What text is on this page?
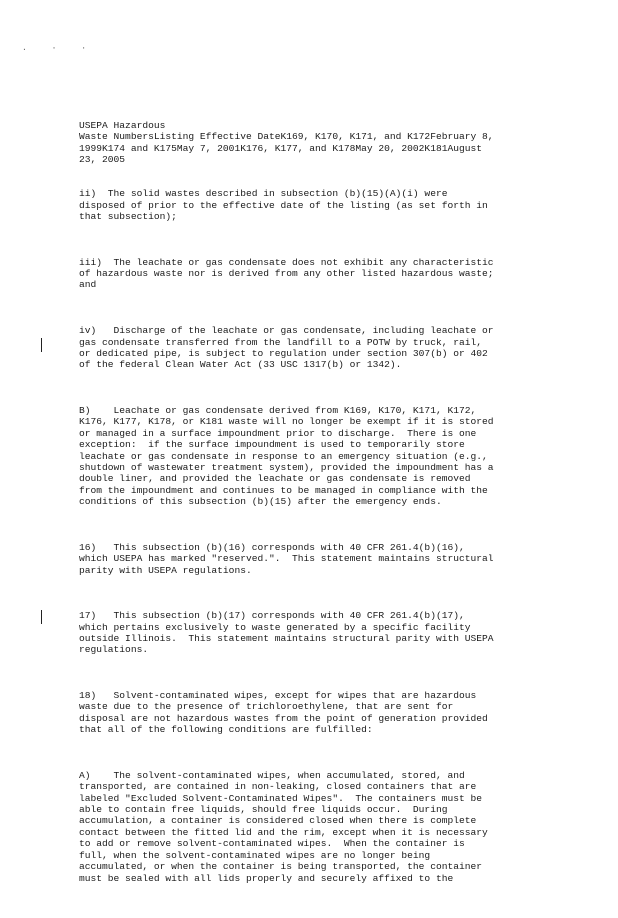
. · ·

USEPA Hazardous
Waste NumbersListing Effective DateK169, K170, K171, and K172February 8,
1999K174 and K175May 7, 2001K176, K177, and K178May 20, 2002K181August
23, 2005

ii)  The solid wastes described in subsection (b)(15)(A)(i) were
disposed of prior to the effective date of the listing (as set forth in
that subsection);

iii)  The leachate or gas condensate does not exhibit any characteristic
of hazardous waste nor is derived from any other listed hazardous waste;
and

iv)   Discharge of the leachate or gas condensate, including leachate or
gas condensate transferred from the landfill to a POTW by truck, rail,
or dedicated pipe, is subject to regulation under section 307(b) or 402
of the federal Clean Water Act (33 USC 1317(b) or 1342).

B)    Leachate or gas condensate derived from K169, K170, K171, K172,
K176, K177, K178, or K181 waste will no longer be exempt if it is stored
or managed in a surface impoundment prior to discharge.  There is one
exception:  if the surface impoundment is used to temporarily store
leachate or gas condensate in response to an emergency situation (e.g.,
shutdown of wastewater treatment system), provided the impoundment has a
double liner, and provided the leachate or gas condensate is removed
from the impoundment and continues to be managed in compliance with the
conditions of this subsection (b)(15) after the emergency ends.

16)   This subsection (b)(16) corresponds with 40 CFR 261.4(b)(16),
which USEPA has marked "reserved.".  This statement maintains structural
parity with USEPA regulations.

17)   This subsection (b)(17) corresponds with 40 CFR 261.4(b)(17),
which pertains exclusively to waste generated by a specific facility
outside Illinois.  This statement maintains structural parity with USEPA
regulations.

18)   Solvent-contaminated wipes, except for wipes that are hazardous
waste due to the presence of trichloroethylene, that are sent for
disposal are not hazardous wastes from the point of generation provided
that all of the following conditions are fulfilled:

A)    The solvent-contaminated wipes, when accumulated, stored, and
transported, are contained in non-leaking, closed containers that are
labeled "Excluded Solvent-Contaminated Wipes".  The containers must be
able to contain free liquids, should free liquids occur.  During
accumulation, a container is considered closed when there is complete
contact between the fitted lid and the rim, except when it is necessary
to add or remove solvent-contaminated wipes.  When the container is
full, when the solvent-contaminated wipes are no longer being
accumulated, or when the container is being transported, the container
must be sealed with all lids properly and securely affixed to the
